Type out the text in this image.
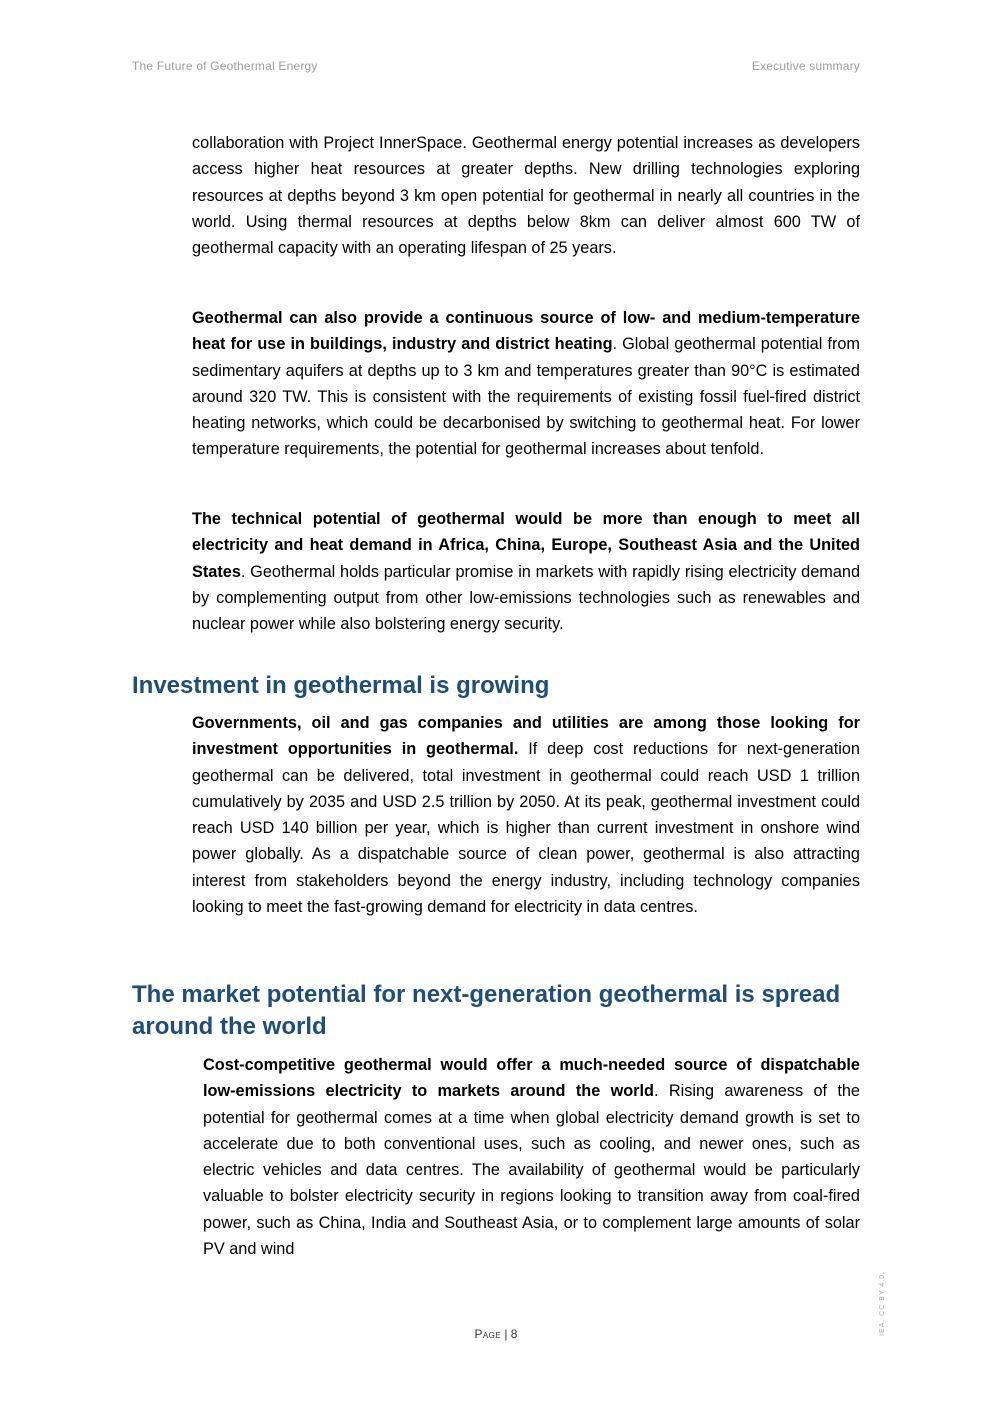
The Future of Geothermal Energy	Executive summary

collaboration with Project InnerSpace. Geothermal energy potential increases as developers access higher heat resources at greater depths. New drilling technologies exploring resources at depths beyond 3 km open potential for geothermal in nearly all countries in the world. Using thermal resources at depths below 8km can deliver almost 600 TW of geothermal capacity with an operating lifespan of 25 years.

Geothermal can also provide a continuous source of low- and medium-temperature heat for use in buildings, industry and district heating. Global geothermal potential from sedimentary aquifers at depths up to 3 km and temperatures greater than 90°C is estimated around 320 TW. This is consistent with the requirements of existing fossil fuel-fired district heating networks, which could be decarbonised by switching to geothermal heat. For lower temperature requirements, the potential for geothermal increases about tenfold.

The technical potential of geothermal would be more than enough to meet all electricity and heat demand in Africa, China, Europe, Southeast Asia and the United States. Geothermal holds particular promise in markets with rapidly rising electricity demand by complementing output from other low-emissions technologies such as renewables and nuclear power while also bolstering energy security.

Investment in geothermal is growing

Governments, oil and gas companies and utilities are among those looking for investment opportunities in geothermal. If deep cost reductions for next-generation geothermal can be delivered, total investment in geothermal could reach USD 1 trillion cumulatively by 2035 and USD 2.5 trillion by 2050. At its peak, geothermal investment could reach USD 140 billion per year, which is higher than current investment in onshore wind power globally. As a dispatchable source of clean power, geothermal is also attracting interest from stakeholders beyond the energy industry, including technology companies looking to meet the fast-growing demand for electricity in data centres.

The market potential for next-generation geothermal is spread around the world

Cost-competitive geothermal would offer a much-needed source of dispatchable low-emissions electricity to markets around the world. Rising awareness of the potential for geothermal comes at a time when global electricity demand growth is set to accelerate due to both conventional uses, such as cooling, and newer ones, such as electric vehicles and data centres. The availability of geothermal would be particularly valuable to bolster electricity security in regions looking to transition away from coal-fired power, such as China, India and Southeast Asia, or to complement large amounts of solar PV and wind

Page | 8	IEA. CC BY 4.0.
